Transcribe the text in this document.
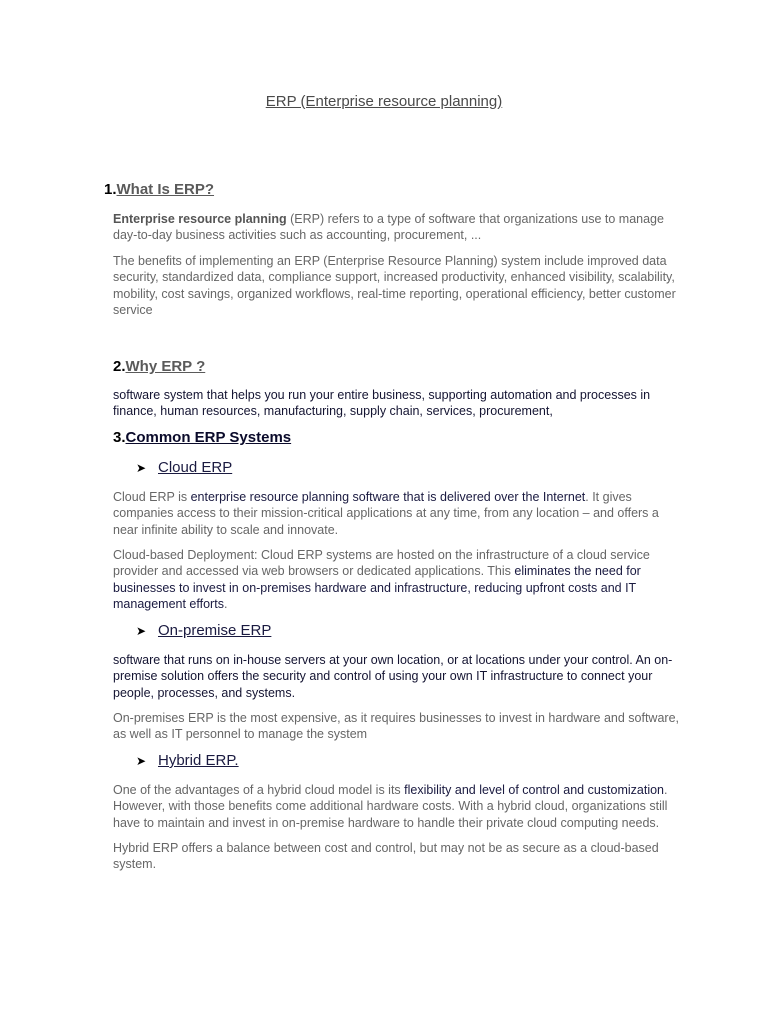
ERP (Enterprise resource planning)
1.What Is ERP?

Enterprise resource planning (ERP) refers to a type of software that organizations use to manage day-to-day business activities such as accounting, procurement, ...

The benefits of implementing an ERP (Enterprise Resource Planning) system include improved data security, standardized data, compliance support, increased productivity, enhanced visibility, scalability, mobility, cost savings, organized workflows, real-time reporting, operational efficiency, better customer service

2.Why ERP ?

software system that helps you run your entire business, supporting automation and processes in finance, human resources, manufacturing, supply chain, services, procurement,

3.Common ERP Systems
➤ Cloud ERP

Cloud ERP is enterprise resource planning software that is delivered over the Internet. It gives companies access to their mission-critical applications at any time, from any location – and offers a near infinite ability to scale and innovate.

Cloud-based Deployment: Cloud ERP systems are hosted on the infrastructure of a cloud service provider and accessed via web browsers or dedicated applications. This eliminates the need for businesses to invest in on-premises hardware and infrastructure, reducing upfront costs and IT management efforts.

➤ On-premise ERP

software that runs on in-house servers at your own location, or at locations under your control. An on-premise solution offers the security and control of using your own IT infrastructure to connect your people, processes, and systems.

On-premises ERP is the most expensive, as it requires businesses to invest in hardware and software, as well as IT personnel to manage the system

➤ Hybrid ERP.

One of the advantages of a hybrid cloud model is its flexibility and level of control and customization. However, with those benefits come additional hardware costs. With a hybrid cloud, organizations still have to maintain and invest in on-premise hardware to handle their private cloud computing needs.

Hybrid ERP offers a balance between cost and control, but may not be as secure as a cloud-based system.
